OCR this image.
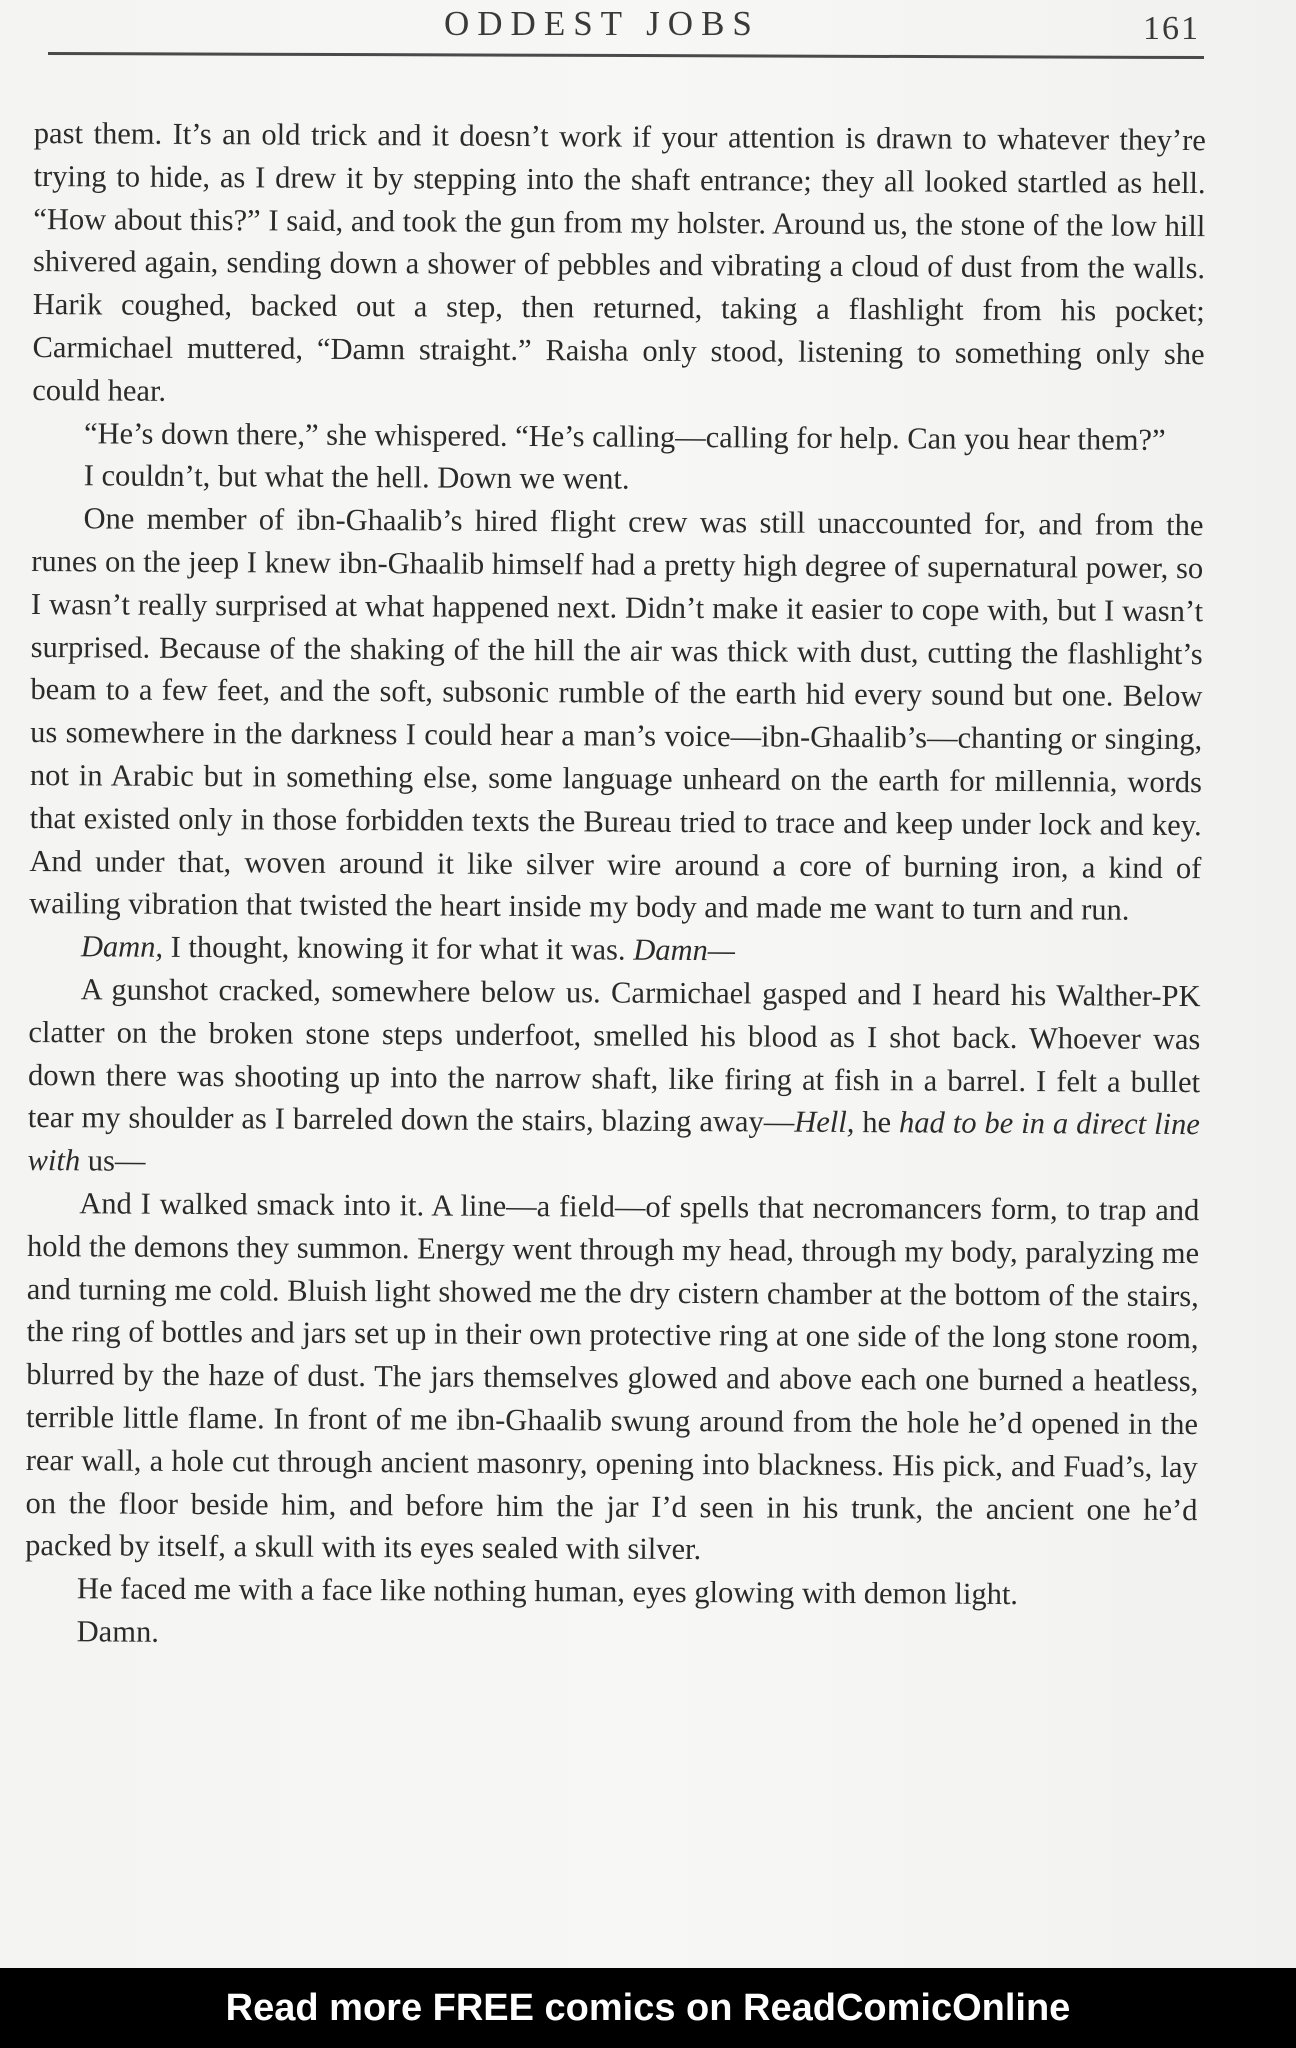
ODDEST JOBS	161

past them. It’s an old trick and it doesn’t work if your attention is drawn to whatever they’re trying to hide, as I drew it by stepping into the shaft entrance; they all looked startled as hell. “How about this?” I said, and took the gun from my holster. Around us, the stone of the low hill shivered again, sending down a shower of pebbles and vibrating a cloud of dust from the walls. Harik coughed, backed out a step, then returned, taking a flashlight from his pocket; Carmichael muttered, “Damn straight.” Raisha only stood, listening to something only she could hear.

“He’s down there,” she whispered. “He’s calling—calling for help. Can you hear them?”

I couldn’t, but what the hell. Down we went.

One member of ibn-Ghaalib’s hired flight crew was still unaccounted for, and from the runes on the jeep I knew ibn-Ghaalib himself had a pretty high degree of supernatural power, so I wasn’t really surprised at what happened next. Didn’t make it easier to cope with, but I wasn’t surprised. Because of the shaking of the hill the air was thick with dust, cutting the flashlight’s beam to a few feet, and the soft, subsonic rumble of the earth hid every sound but one. Below us somewhere in the darkness I could hear a man’s voice—ibn-Ghaalib’s—chanting or singing, not in Arabic but in something else, some language unheard on the earth for millennia, words that existed only in those forbidden texts the Bureau tried to trace and keep under lock and key. And under that, woven around it like silver wire around a core of burning iron, a kind of wailing vibration that twisted the heart inside my body and made me want to turn and run.

Damn, I thought, knowing it for what it was. Damn—

A gunshot cracked, somewhere below us. Carmichael gasped and I heard his Walther-PK clatter on the broken stone steps underfoot, smelled his blood as I shot back. Whoever was down there was shooting up into the narrow shaft, like firing at fish in a barrel. I felt a bullet tear my shoulder as I barreled down the stairs, blazing away—Hell, he had to be in a direct line with us—

And I walked smack into it. A line—a field—of spells that necromancers form, to trap and hold the demons they summon. Energy went through my head, through my body, paralyzing me and turning me cold. Bluish light showed me the dry cistern chamber at the bottom of the stairs, the ring of bottles and jars set up in their own protective ring at one side of the long stone room, blurred by the haze of dust. The jars themselves glowed and above each one burned a heatless, terrible little flame. In front of me ibn-Ghaalib swung around from the hole he’d opened in the rear wall, a hole cut through ancient masonry, opening into blackness. His pick, and Fuad’s, lay on the floor beside him, and before him the jar I’d seen in his trunk, the ancient one he’d packed by itself, a skull with its eyes sealed with silver.

He faced me with a face like nothing human, eyes glowing with demon light.

Damn.

Read more FREE comics on ReadComicOnline
